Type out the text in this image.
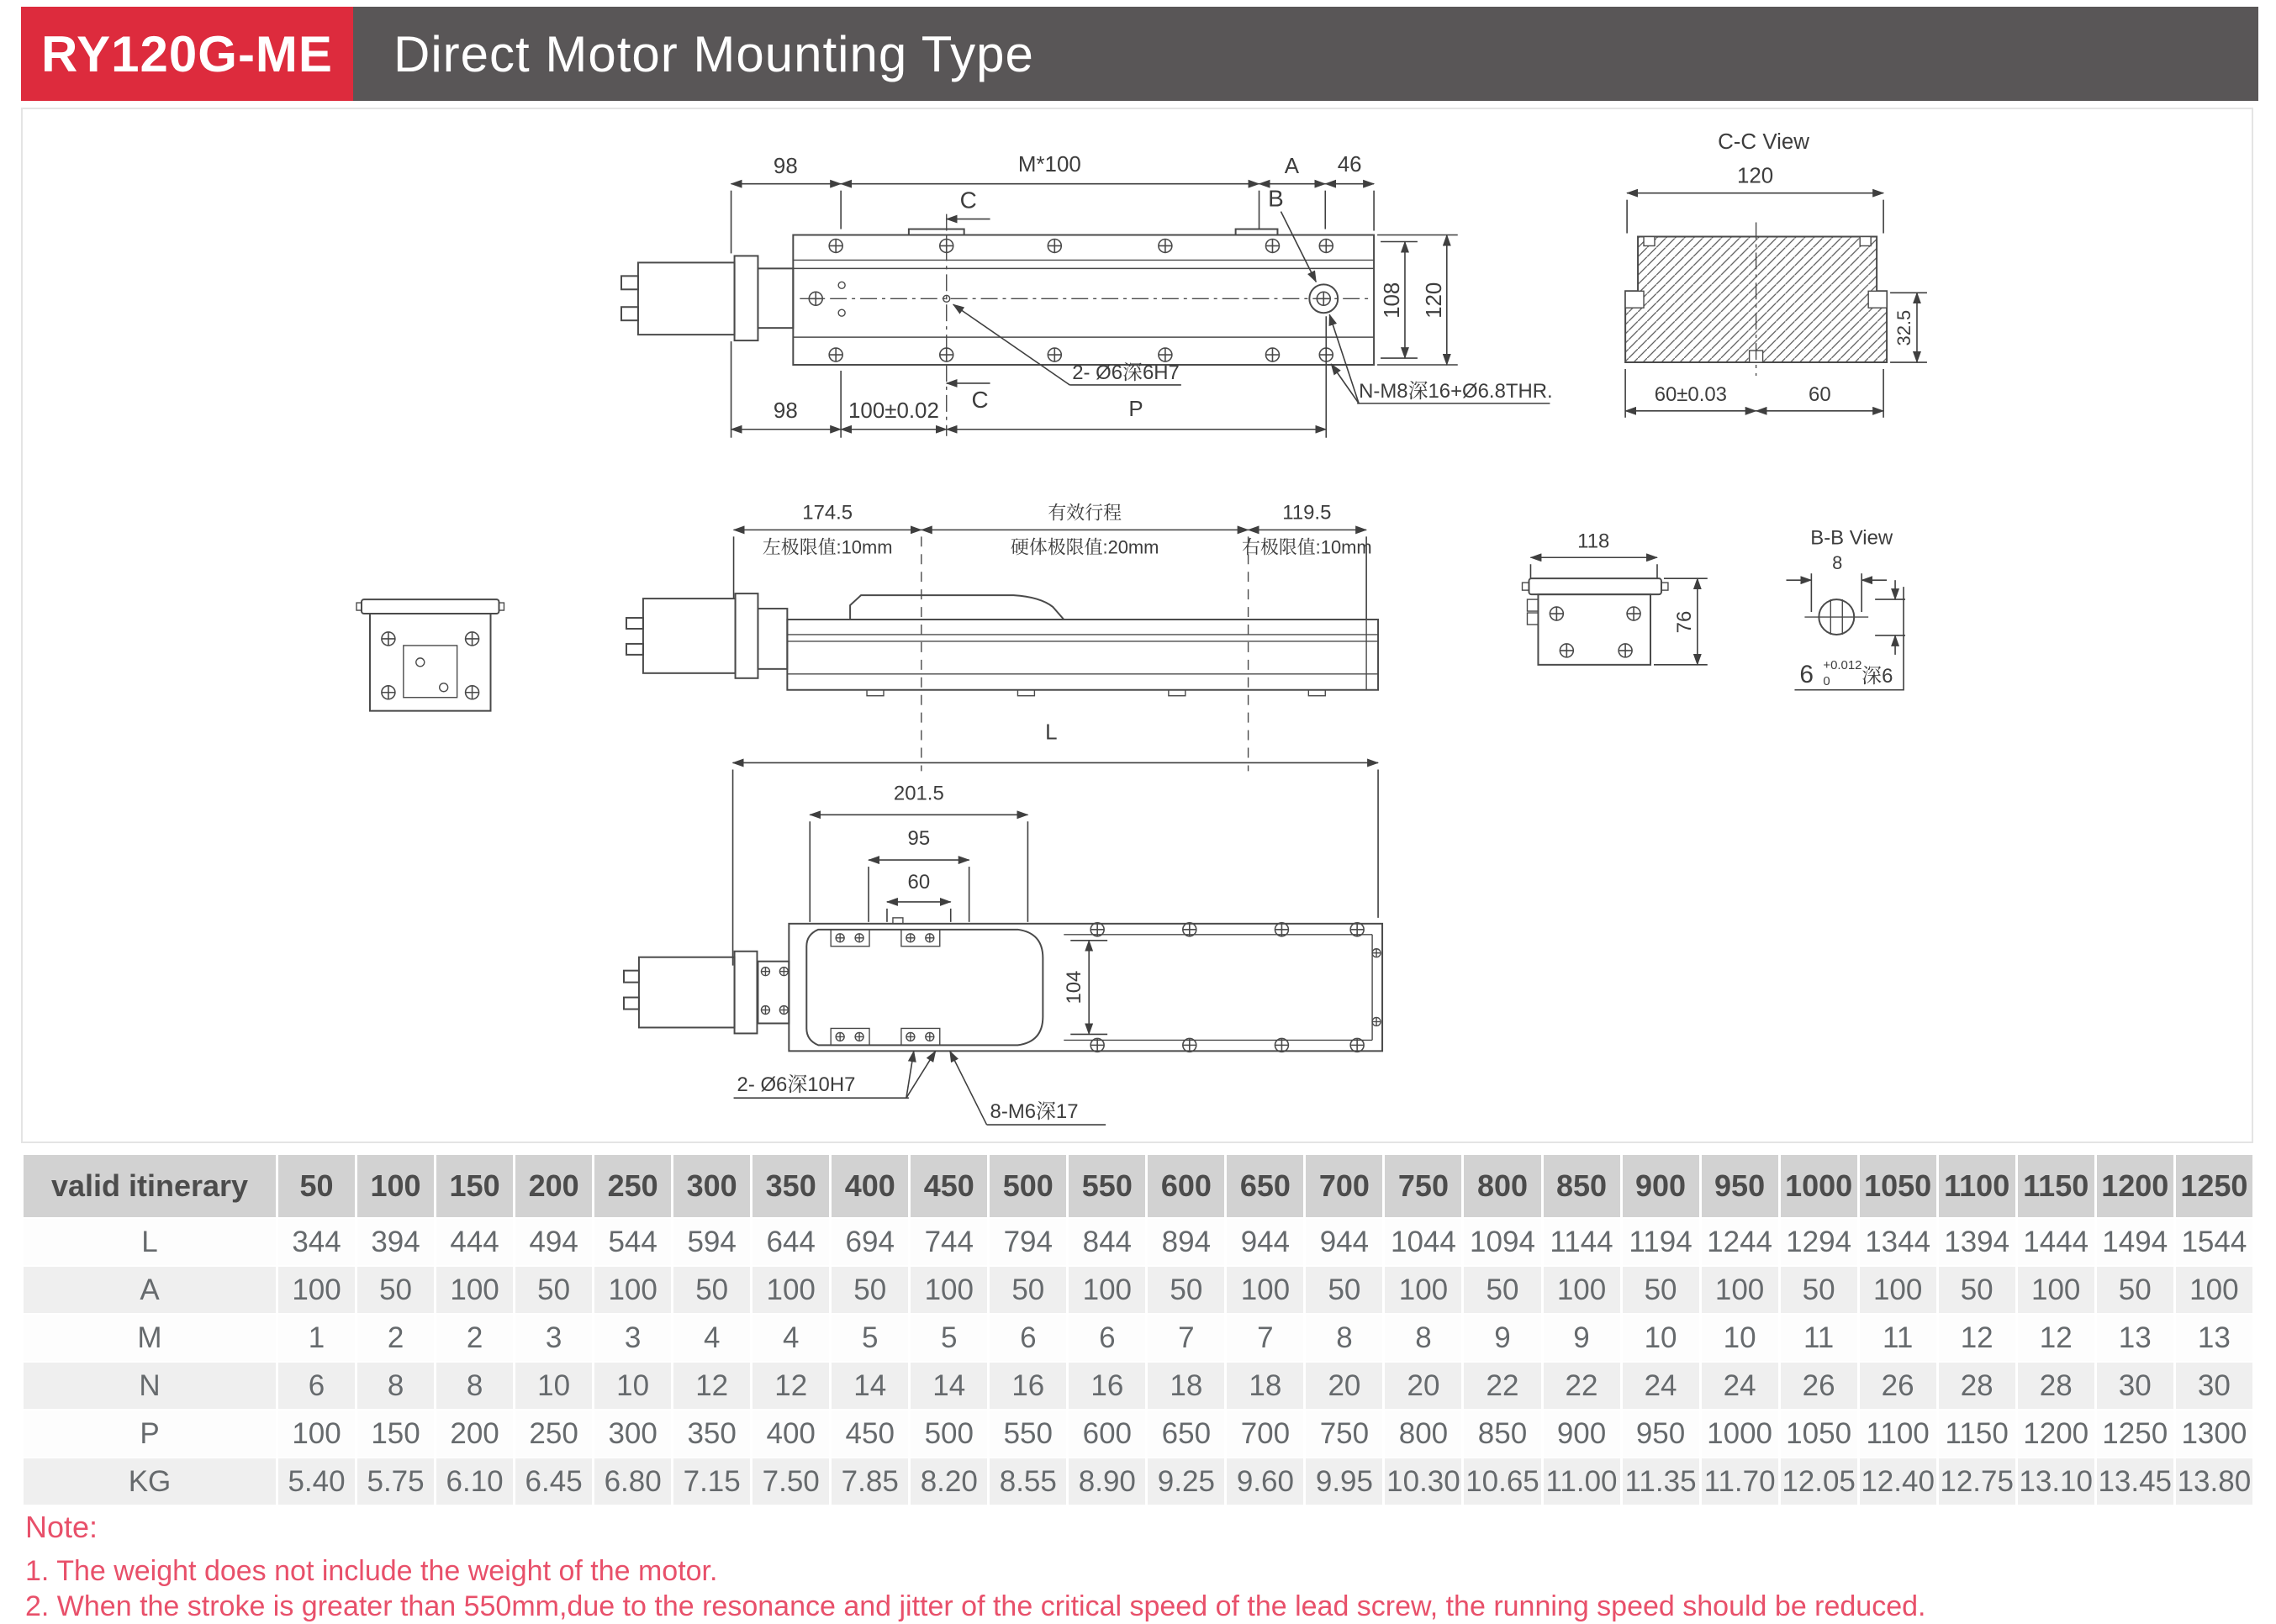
RY120G-ME	Direct Motor Mounting Type
C
C
B
98	M*100	A 46
108 120
98 100±0.02	P
2- Ø6深6H7
N-M8深16+Ø6.8THR.
C-C View
120
32.5
60±0.03	60
174.5	有效行程	119.5
左极限值:10mm	硬体极限值:20mm	右极限值:10mm	118
76
B-B View
8
6 +0.012
0 深6
L
201.5
95
60
104
2- Ø6深10H7
8-M6深17
valid itinerary	50	100	150	200	250	300	350	400	450	500	550	600	650	700	750	800	850	900	950	1000	1050	1100	1150	1200	1250
L	344	394	444	494	544	594	644	694	744	794	844	894	944	944	1044	1094	1144	1194	1244	1294	1344	1394	1444	1494	1544
A	100	50	100	50	100	50	100	50	100	50	100	50	100	50	100	50	100	50	100	50	100	50	100	50	100
M	1	2	2	3	3	4	4	5	5	6	6	7	7	8	8	9	9	10	10	11	11	12	12	13	13
N	6	8	8	10	10	12	12	14	14	16	16	18	18	20	20	22	22	24	24	26	26	28	28	30	30
P	100	150	200	250	300	350	400	450	500	550	600	650	700	750	800	850	900	950	1000	1050	1100	1150	1200	1250	1300
KG	5.40	5.75	6.10	6.45	6.80	7.15	7.50	7.85	8.20	8.55	8.90	9.25	9.60	9.95	10.30	10.65	11.00	11.35	11.70	12.05	12.40	12.75	13.10	13.45	13.80
Note:
1. The weight does not include the weight of the motor.
2. When the stroke is greater than 550mm,due to the resonance and jitter of the critical speed of the lead screw, the running speed should be reduced.
